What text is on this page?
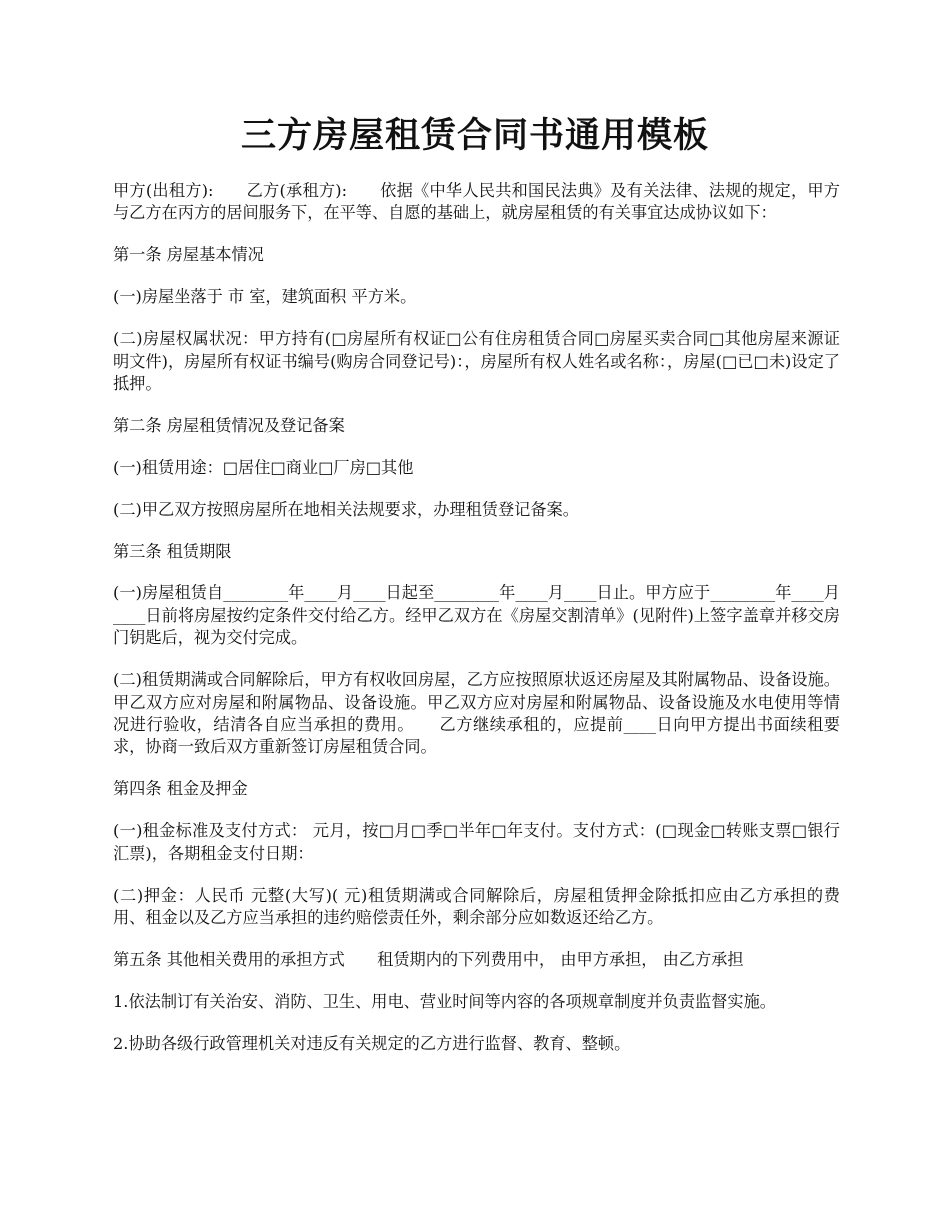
三方房屋租赁合同书通用模板

甲方(出租方):　　乙方(承租方):　　依据《中华人民共和国民法典》及有关法律、法规的规定，甲方与乙方在丙方的居间服务下，在平等、自愿的基础上，就房屋租赁的有关事宜达成协议如下：

第一条 房屋基本情况

(一)房屋坐落于 市 室，建筑面积 平方米。

(二)房屋权属状况：甲方持有(□房屋所有权证□公有住房租赁合同□房屋买卖合同□其他房屋来源证明文件)，房屋所有权证书编号(购房合同登记号)：，房屋所有权人姓名或名称：，房屋(□已□未)设定了抵押。

第二条 房屋租赁情况及登记备案

(一)租赁用途：□居住□商业□厂房□其他

(二)甲乙双方按照房屋所在地相关法规要求，办理租赁登记备案。

第三条 租赁期限

(一)房屋租赁自________年____月____日起至________年____月____日止。甲方应于________年____月____日前将房屋按约定条件交付给乙方。经甲乙双方在《房屋交割清单》(见附件)上签字盖章并移交房门钥匙后，视为交付完成。

(二)租赁期满或合同解除后，甲方有权收回房屋，乙方应按照原状返还房屋及其附属物品、设备设施。甲乙双方应对房屋和附属物品、设备设施。甲乙双方应对房屋和附属物品、设备设施及水电使用等情况进行验收，结清各自应当承担的费用。　　乙方继续承租的，应提前____日向甲方提出书面续租要求，协商一致后双方重新签订房屋租赁合同。

第四条 租金及押金

(一)租金标准及支付方式： 元月，按□月□季□半年□年支付。支付方式：(□现金□转账支票□银行汇票)，各期租金支付日期：

(二)押金：人民币 元整(大写)( 元)租赁期满或合同解除后，房屋租赁押金除抵扣应由乙方承担的费用、租金以及乙方应当承担的违约赔偿责任外，剩余部分应如数返还给乙方。

第五条 其他相关费用的承担方式　　租赁期内的下列费用中， 由甲方承担， 由乙方承担

1.依法制订有关治安、消防、卫生、用电、营业时间等内容的各项规章制度并负责监督实施。

2.协助各级行政管理机关对违反有关规定的乙方进行监督、教育、整顿。
